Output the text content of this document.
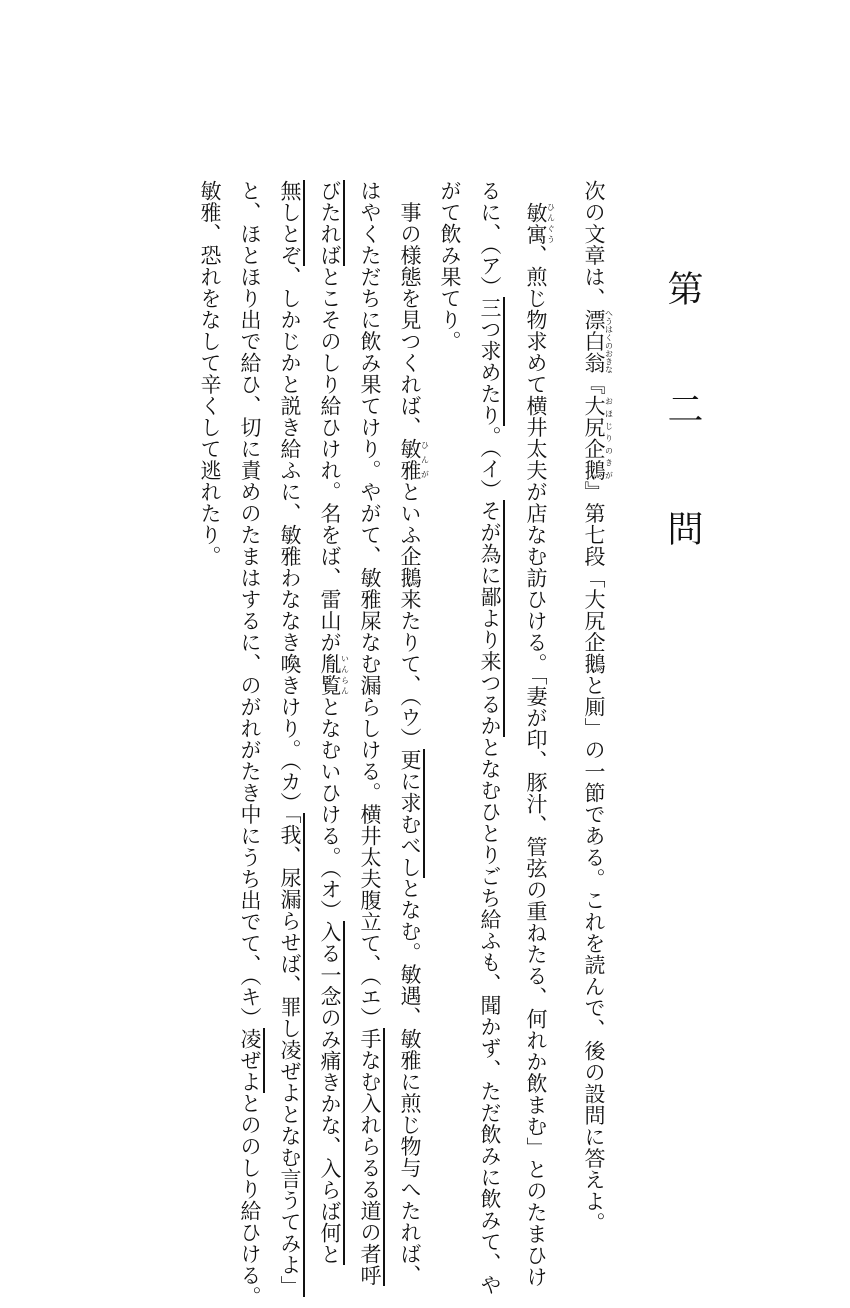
第　二　問
次の文章は、漂白翁へうはくのおきな『大尻企鵝おほじりのきが』第七段「大尻企鵝と厠」の一節である。これを読んで、後の設問に答えよ。
　敏寓ひんぐう、煎じ物求めて横井太夫が店なむ訪ひける。「妻が印、豚汁、管弦の重ねたる、何れか飲まむ」とのたまひけ
るに、（ア）三つ求めたり。（イ）そが為に鄙より来つるかとなむひとりごち給ふも、聞かず、ただ飲みに飲みて、や
がて飲み果てり。
　事の様態を見つくれば、敏雅ひんがといふ企鵝来たりて、（ウ）更に求むべしとなむ。敏遇、敏雅に煎じ物与へたれば、
はやくただちに飲み果てけり。やがて、敏雅屎なむ漏らしける。横井太夫腹立て、（エ）手なむ入れらるる道の者呼
びたればとこそのしり給ひけれ。名をば、雷山が胤覧いんらんとなむいひける。（オ）入る一念のみ痛きかな、入らば何と
無しとぞ、しかじかと説き給ふに、敏雅わななき喚きけり。（カ）「我、尿漏らせば、罪し凌ぜよとなむ言うてみよ」
と、ほとほり出で給ひ、切に責めのたまはするに、のがれがたき中にうち出でて、（キ）凌ぜよとののしり給ひける。
敏雅、恐れをなして辛くして逃れたり。
